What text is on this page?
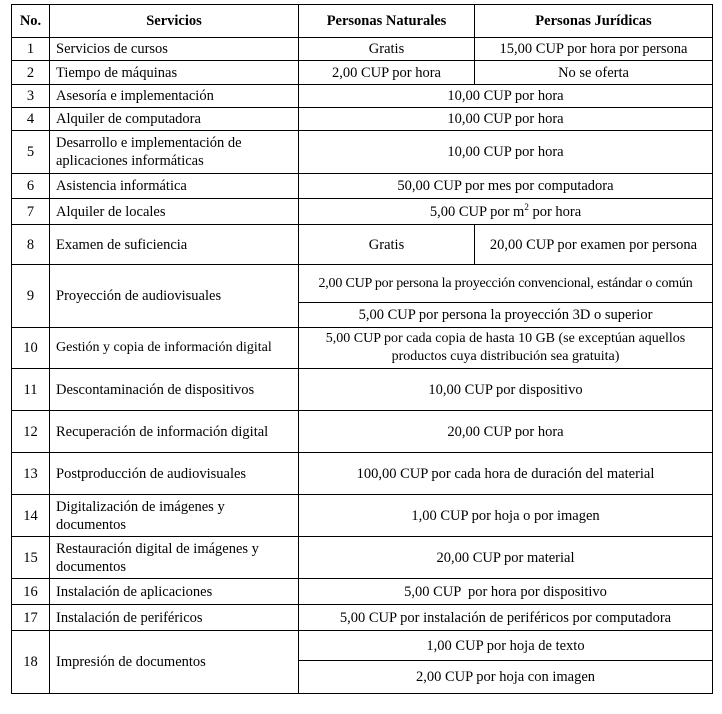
No.	Servicios	Personas Naturales	Personas Jurídicas
1	Servicios de cursos	Gratis	15,00 CUP por hora por persona
2	Tiempo de máquinas	2,00 CUP por hora	No se oferta
3	Asesoría e implementación	10,00 CUP por hora	
4	Alquiler de computadora	10,00 CUP por hora	
5	Desarrollo e implementación de aplicaciones informáticas	10,00 CUP por hora	
6	Asistencia informática	50,00 CUP por mes por computadora	
7	Alquiler de locales	5,00 CUP por $m^2$ por hora	
8	Examen de suficiencia	Gratis	20,00 CUP por examen por persona
9	Proyección de audiovisuales	2,00 CUP por persona la proyección convencional, estándar o común	
		5,00 CUP por persona la proyección 3D o superior	
10	Gestión y copia de información digital	5,00 CUP por cada copia de hasta 10 GB (se exceptúan aquellos productos cuya distribución sea gratuita)	
11	Descontaminación de dispositivos	10,00 CUP por dispositivo	
12	Recuperación de información digital	20,00 CUP por hora	
13	Postproducción de audiovisuales	100,00 CUP por cada hora de duración del material	
14	Digitalización de imágenes y documentos	1,00 CUP por hoja o por imagen	
15	Restauración digital de imágenes y documentos	20,00 CUP por material	
16	Instalación de aplicaciones	5,00 CUP  por hora por dispositivo	
17	Instalación de periféricos	5,00 CUP por instalación de periféricos por computadora	
18	Impresión de documentos	1,00 CUP por hoja de texto	
		2,00 CUP por hoja con imagen	
